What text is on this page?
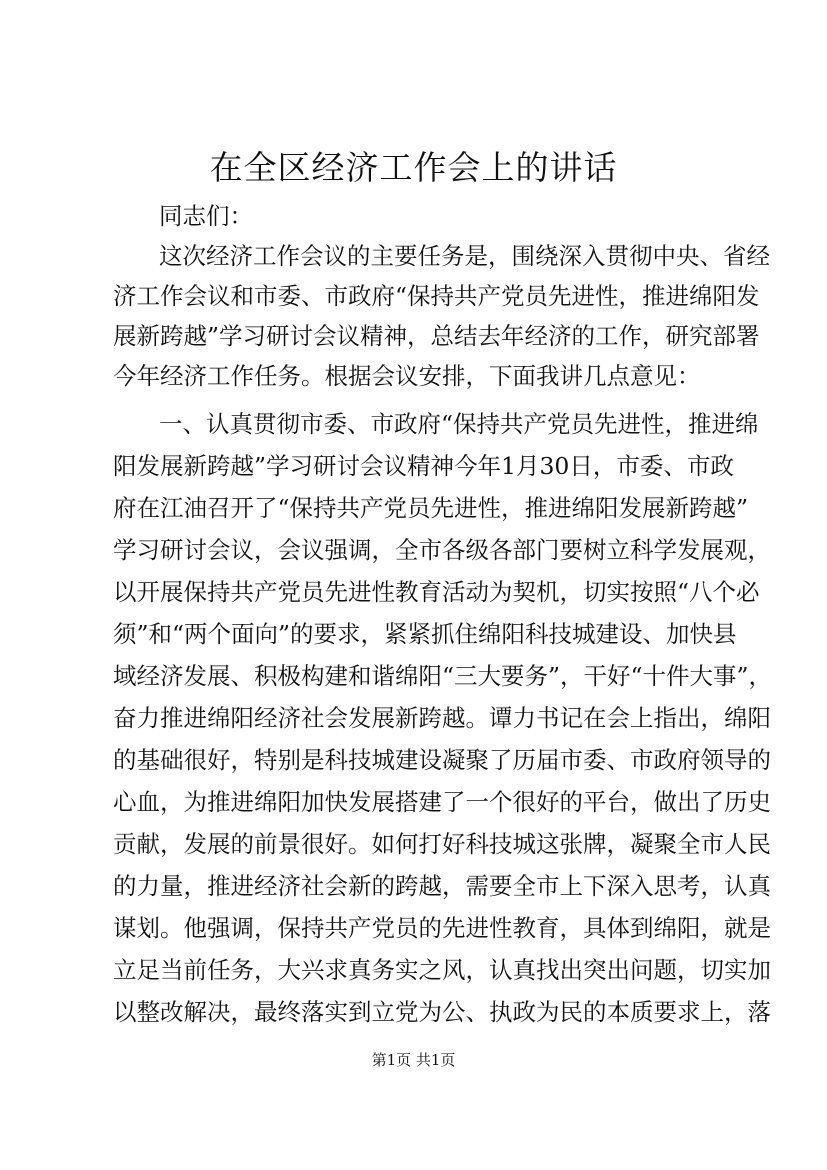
在全区经济工作会上的讲话
同志们：
这次经济工作会议的主要任务是，围绕深入贯彻中央、省经
济工作会议和市委、市政府“保持共产党员先进性，推进绵阳发
展新跨越”学习研讨会议精神，总结去年经济的工作，研究部署
今年经济工作任务。根据会议安排，下面我讲几点意见：
一、认真贯彻市委、市政府“保持共产党员先进性，推进绵
阳发展新跨越”学习研讨会议精神今年1月30日，市委、市政
府在江油召开了“保持共产党员先进性，推进绵阳发展新跨越”
学习研讨会议，会议强调，全市各级各部门要树立科学发展观，
以开展保持共产党员先进性教育活动为契机，切实按照“八个必
须”和“两个面向”的要求，紧紧抓住绵阳科技城建设、加快县
域经济发展、积极构建和谐绵阳“三大要务”，干好“十件大事”，
奋力推进绵阳经济社会发展新跨越。谭力书记在会上指出，绵阳
的基础很好，特别是科技城建设凝聚了历届市委、市政府领导的
心血，为推进绵阳加快发展搭建了一个很好的平台，做出了历史
贡献，发展的前景很好。如何打好科技城这张牌，凝聚全市人民
的力量，推进经济社会新的跨越，需要全市上下深入思考，认真
谋划。他强调，保持共产党员的先进性教育，具体到绵阳，就是
立足当前任务，大兴求真务实之风，认真找出突出问题，切实加
以整改解决，最终落实到立党为公、执政为民的本质要求上，落
第1页 共1页
